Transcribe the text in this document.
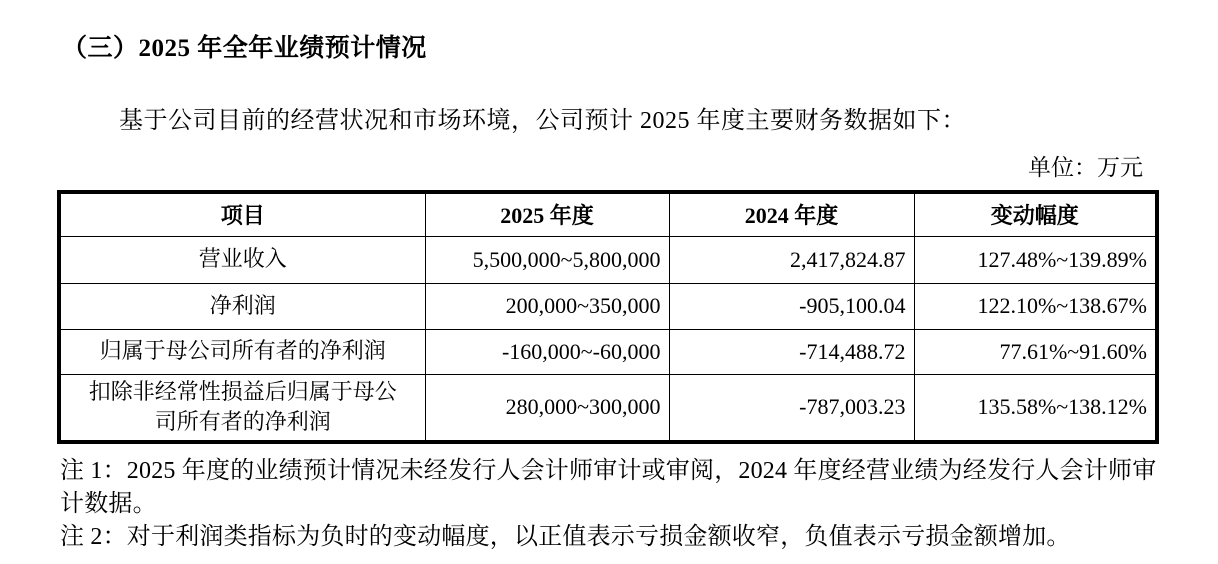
（三）2025 年全年业绩预计情况
基于公司目前的经营状况和市场环境，公司预计 2025 年度主要财务数据如下：
单位：万元
项目	2025 年度	2024 年度	变动幅度
营业收入	5,500,000~5,800,000	2,417,824.87	127.48%~139.89%
净利润	200,000~350,000	-905,100.04	122.10%~138.67%
归属于母公司所有者的净利润	-160,000~-60,000	-714,488.72	77.61%~91.60%
扣除非经常性损益后归属于母公司所有者的净利润	280,000~300,000	-787,003.23	135.58%~138.12%
注 1：2025 年度的业绩预计情况未经发行人会计师审计或审阅，2024 年度经营业绩为经发行人会计师审计数据。
注 2：对于利润类指标为负时的变动幅度，以正值表示亏损金额收窄，负值表示亏损金额增加。
